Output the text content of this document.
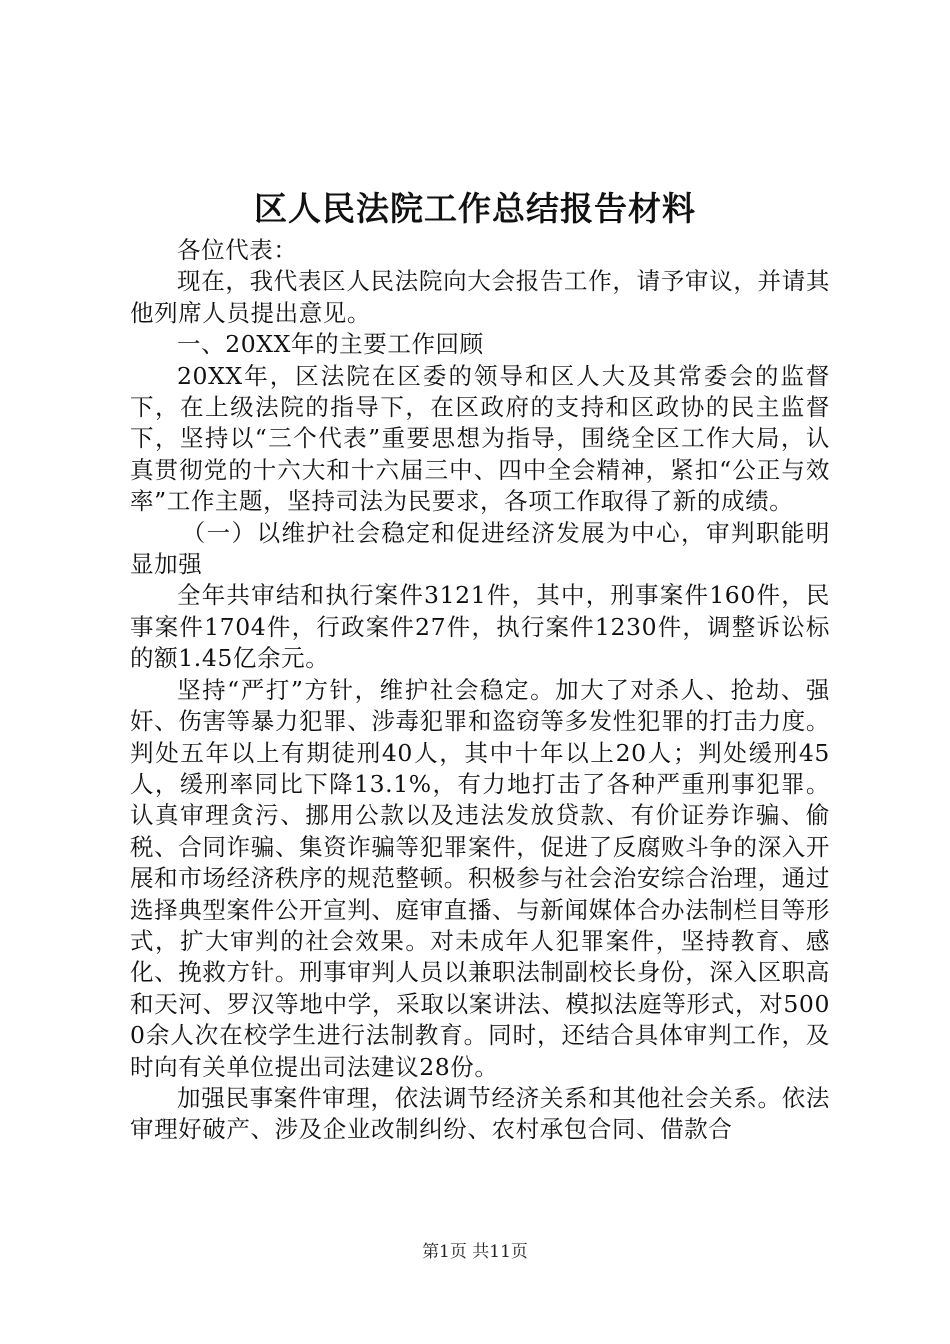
区人民法院工作总结报告材料

各位代表：

现在，我代表区人民法院向大会报告工作，请予审议，并请其他列席人员提出意见。

一、20XX年的主要工作回顾

20XX年，区法院在区委的领导和区人大及其常委会的监督下，在上级法院的指导下，在区政府的支持和区政协的民主监督下，坚持以“三个代表”重要思想为指导，围绕全区工作大局，认真贯彻党的十六大和十六届三中、四中全会精神，紧扣“公正与效率”工作主题，坚持司法为民要求，各项工作取得了新的成绩。

（一）以维护社会稳定和促进经济发展为中心，审判职能明显加强

全年共审结和执行案件3121件，其中，刑事案件160件，民事案件1704件，行政案件27件，执行案件1230件，调整诉讼标的额1.45亿余元。

坚持“严打”方针，维护社会稳定。加大了对杀人、抢劫、强奸、伤害等暴力犯罪、涉毒犯罪和盗窃等多发性犯罪的打击力度。判处五年以上有期徒刑40人，其中十年以上20人；判处缓刑45人，缓刑率同比下降13.1%，有力地打击了各种严重刑事犯罪。认真审理贪污、挪用公款以及违法发放贷款、有价证券诈骗、偷税、合同诈骗、集资诈骗等犯罪案件，促进了反腐败斗争的深入开展和市场经济秩序的规范整顿。积极参与社会治安综合治理，通过选择典型案件公开宣判、庭审直播、与新闻媒体合办法制栏目等形式，扩大审判的社会效果。对未成年人犯罪案件，坚持教育、感化、挽救方针。刑事审判人员以兼职法制副校长身份，深入区职高和天河、罗汉等地中学，采取以案讲法、模拟法庭等形式，对5000余人次在校学生进行法制教育。同时，还结合具体审判工作，及时向有关单位提出司法建议28份。

加强民事案件审理，依法调节经济关系和其他社会关系。依法审理好破产、涉及企业改制纠纷、农村承包合同、借款合

第1页 共11页
